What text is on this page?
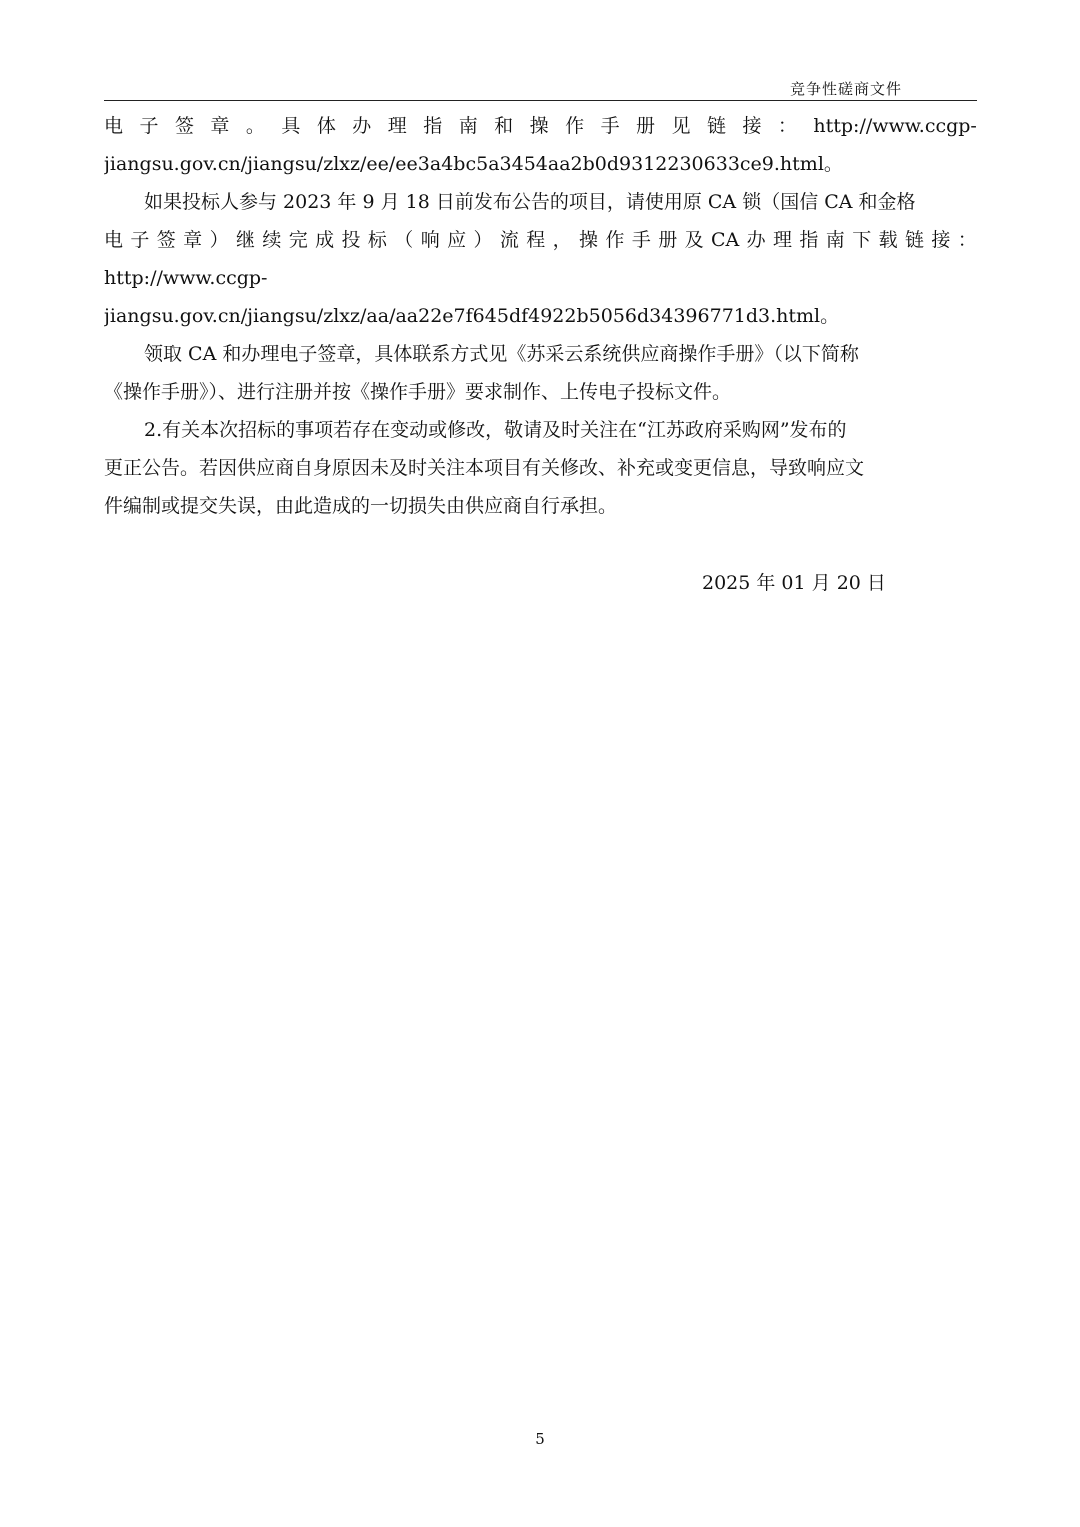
竞争性磋商文件
电 子 签 章 。 具 体 办 理 指 南 和 操 作 手 册 见 链 接 ： http://www.ccgp-
jiangsu.gov.cn/jiangsu/zlxz/ee/ee3a4bc5a3454aa2b0d9312230633ce9.html。
如果投标人参与 2023 年 9 月 18 日前发布公告的项目，请使用原 CA 锁（国信 CA 和金格
电 子 签 章 ） 继 续 完 成 投 标 （ 响 应 ） 流 程 ， 操 作 手 册 及 CA 办 理 指 南 下 载 链 接 ：
http://www.ccgp-
jiangsu.gov.cn/jiangsu/zlxz/aa/aa22e7f645df4922b5056d34396771d3.html。
领取 CA 和办理电子签章，具体联系方式见《苏采云系统供应商操作手册》（以下简称
《操作手册》）、进行注册并按《操作手册》要求制作、上传电子投标文件。
2.有关本次招标的事项若存在变动或修改，敬请及时关注在“江苏政府采购网”发布的
更正公告。若因供应商自身原因未及时关注本项目有关修改、补充或变更信息，导致响应文
件编制或提交失误，由此造成的一切损失由供应商自行承担。
2025 年 01 月 20 日
5
